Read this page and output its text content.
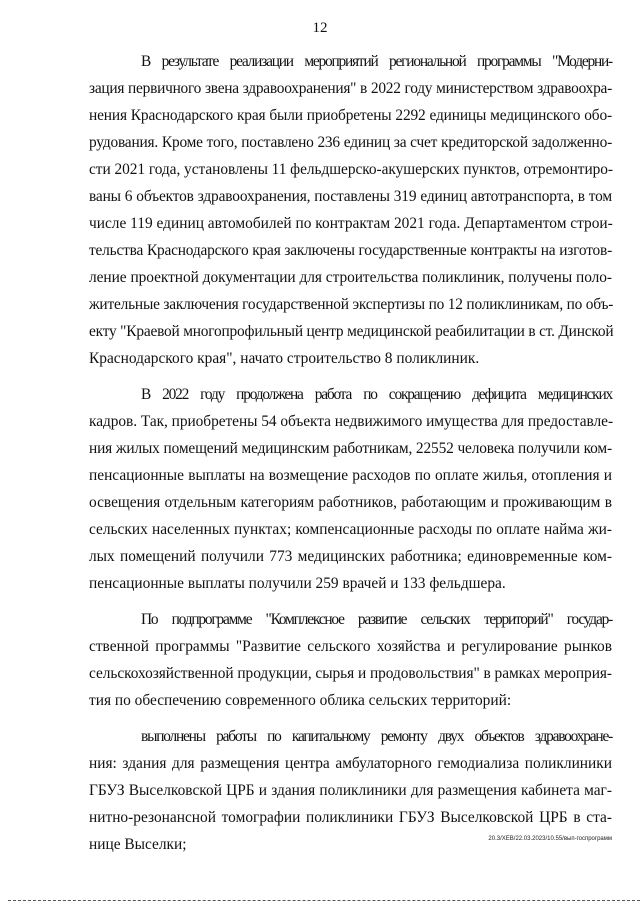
12
В результате реализации мероприятий региональной программы "Модерни-
зация первичного звена здравоохранения" в 2022 году министерством здравоохра-
нения Краснодарского края были приобретены 2292 единицы медицинского обо-
рудования. Кроме того, поставлено 236 единиц за счет кредиторской задолженно-
сти 2021 года, установлены 11 фельдшерско-акушерских пунктов, отремонтиро-
ваны 6 объектов здравоохранения, поставлены 319 единиц автотранспорта, в том
числе 119 единиц автомобилей по контрактам 2021 года. Департаментом строи-
тельства Краснодарского края заключены государственные контракты на изготов-
ление проектной документации для строительства поликлиник, получены поло-
жительные заключения государственной экспертизы по 12 поликлиникам, по объ-
екту "Краевой многопрофильный центр медицинской реабилитации в ст. Динской
Краснодарского края", начато строительство 8 поликлиник.
В 2022 году продолжена работа по сокращению дефицита медицинских
кадров. Так, приобретены 54 объекта недвижимого имущества для предоставле-
ния жилых помещений медицинским работникам, 22552 человека получили ком-
пенсационные выплаты на возмещение расходов по оплате жилья, отопления и
освещения отдельным категориям работников, работающим и проживающим в
сельских населенных пунктах; компенсационные расходы по оплате найма жи-
лых помещений получили 773 медицинских работника; единовременные ком-
пенсационные выплаты получили 259 врачей и 133 фельдшера.
По подпрограмме "Комплексное развитие сельских территорий" государ-
ственной программы "Развитие сельского хозяйства и регулирование рынков
сельскохозяйственной продукции, сырья и продовольствия" в рамках мероприя-
тия по обеспечению современного облика сельских территорий:
выполнены работы по капитальному ремонту двух объектов здравоохране-
ния: здания для размещения центра амбулаторного гемодиализа поликлиники
ГБУЗ Выселковской ЦРБ и здания поликлиники для размещения кабинета маг-
нитно-резонансной томографии поликлиники ГБУЗ Выселковской ЦРБ в ста-
нице Выселки;	20.3/ХЕВ/22.03.2023/10.55/вып-госпрограмм
